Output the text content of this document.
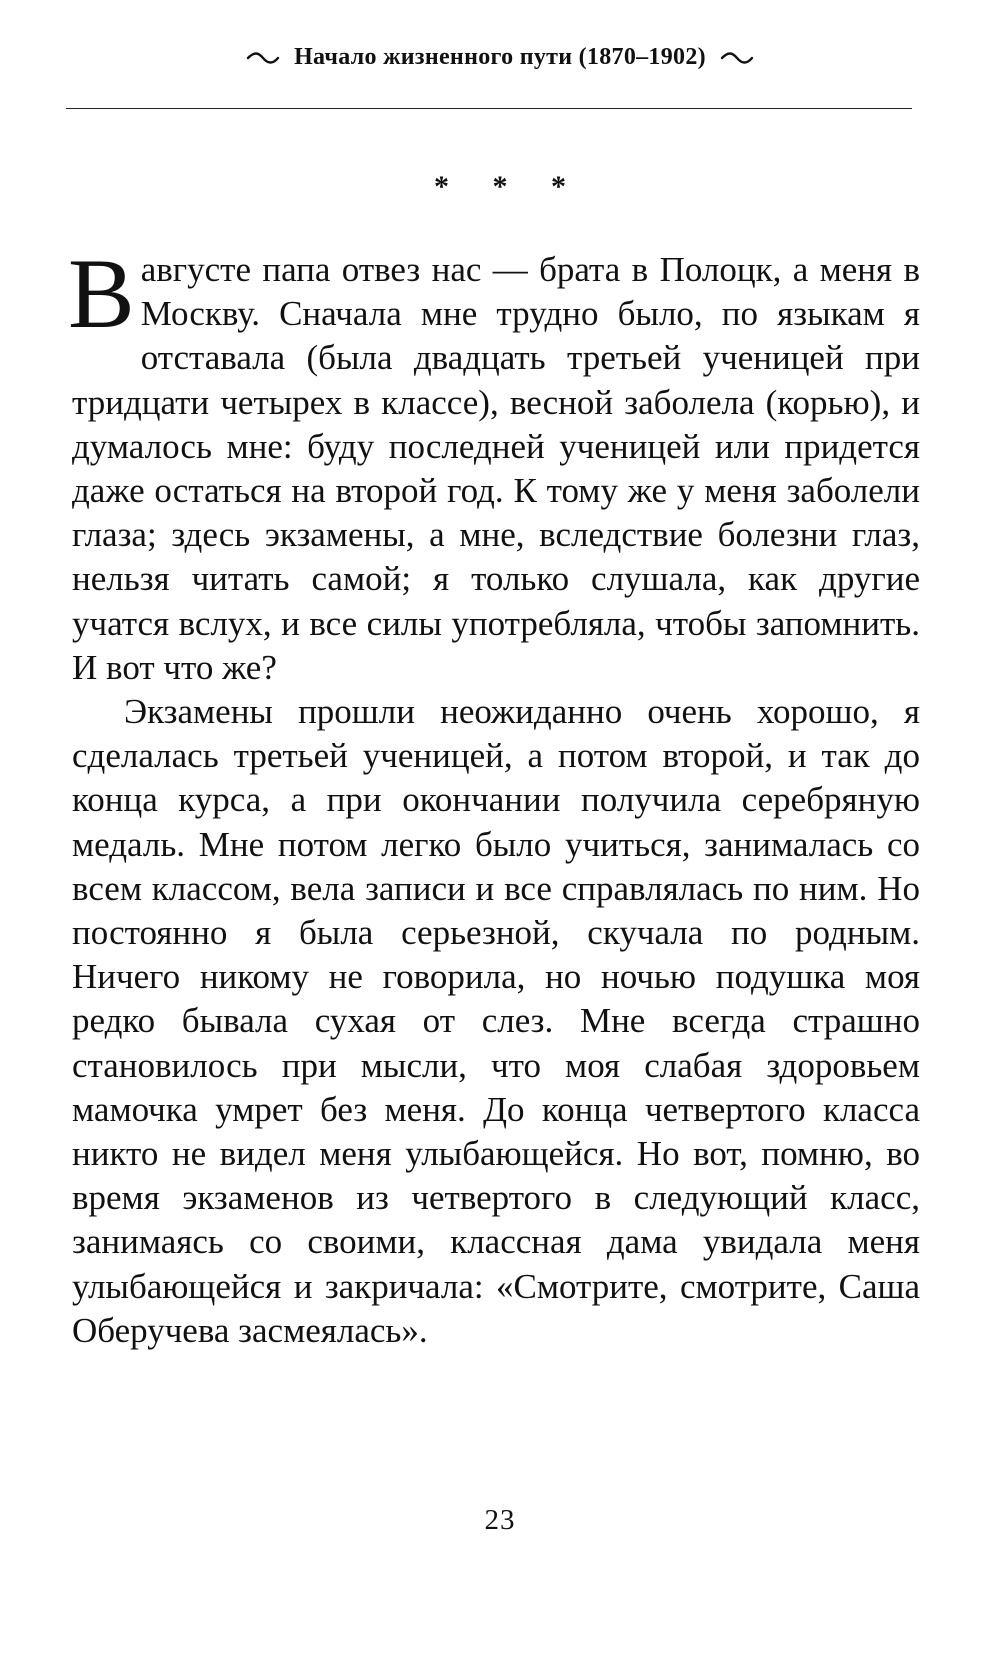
Начало жизненного пути (1870–1902)
* * *

В августе папа отвез нас — брата в Полоцк, а меня в Москву. Сначала мне трудно было, по языкам я отставала (была двадцать третьей ученицей при тридцати четырех в классе), весной заболела (корью), и думалось мне: буду последней ученицей или придется даже остаться на второй год. К тому же у меня заболели глаза; здесь экзамены, а мне, вследствие болезни глаз, нельзя читать самой; я только слушала, как другие учатся вслух, и все силы употребляла, чтобы запомнить. И вот что же?

Экзамены прошли неожиданно очень хорошо, я сделалась третьей ученицей, а потом второй, и так до конца курса, а при окончании получила серебряную медаль. Мне потом легко было учиться, занималась со всем классом, вела записи и все справлялась по ним. Но постоянно я была серьезной, скучала по родным. Ничего никому не говорила, но ночью подушка моя редко бывала сухая от слез. Мне всегда страшно становилось при мысли, что моя слабая здоровьем мамочка умрет без меня. До конца четвертого класса никто не видел меня улыбающейся. Но вот, помню, во время экзаменов из четвертого в следующий класс, занимаясь со своими, классная дама увидала меня улыбающейся и закричала: «Смотрите, смотрите, Саша Оберучева засмеялась».

23
